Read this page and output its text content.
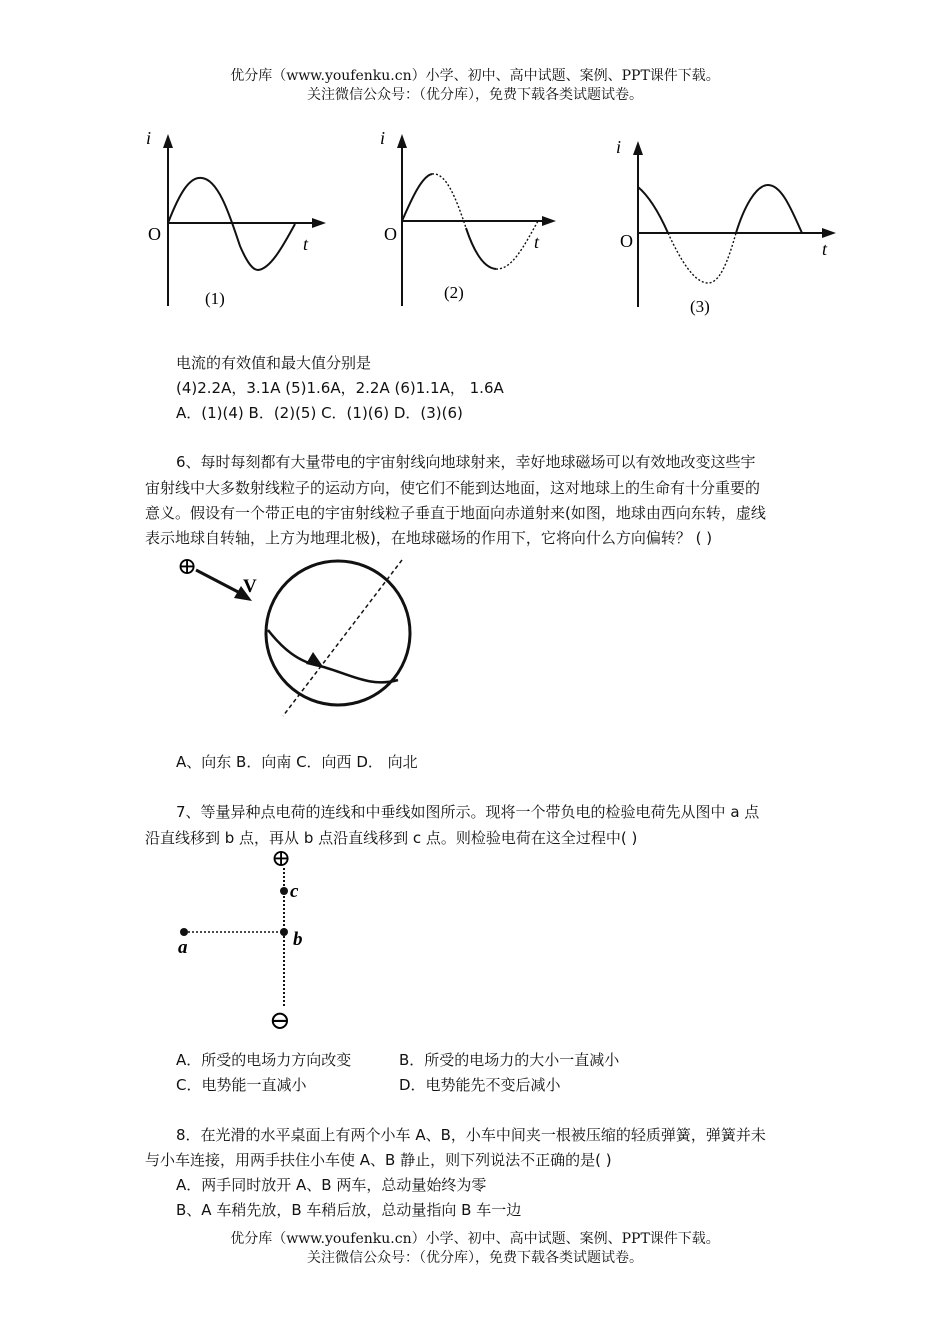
优分库（www.youfenku.cn）小学、初中、高中试题、案例、PPT课件下载。
关注微信公众号：（优分库），免费下载各类试题试卷。
i
O	t
(1)
i
O	t
(2)
i
O	t
(3)
电流的有效值和最大值分别是
(4)2.2A，3.1A (5)1.6A，2.2A (6)1.1A， 1.6A
A．(1)(4) B．(2)(5) C．(1)(6) D．(3)(6)
6、每时每刻都有大量带电的宇宙射线向地球射来，幸好地球磁场可以有效地改变这些宇
宙射线中大多数射线粒子的运动方向，使它们不能到达地面，这对地球上的生命有十分重要的
意义。假设有一个带正电的宇宙射线粒子垂直于地面向赤道射来(如图，地球由西向东转，虚线
表示地球自转轴，上方为地理北极)，在地球磁场的作用下，它将向什么方向偏转？ ( )
⊕
V
A、向东 B．向南 C．向西 D． 向北
7、等量异种点电荷的连线和中垂线如图所示。现将一个带负电的检验电荷先从图中 a 点
沿直线移到 b 点，再从 b 点沿直线移到 c 点。则检验电荷在这全过程中( )
⊕
c
b
a
⊖
A．所受的电场力方向改变	B．所受的电场力的大小一直减小
C．电势能一直减小	D．电势能先不变后减小
8．在光滑的水平桌面上有两个小车 A、B，小车中间夹一根被压缩的轻质弹簧，弹簧并未
与小车连接，用两手扶住小车使 A、B 静止，则下列说法不正确的是( )
A．两手同时放开 A、B 两车，总动量始终为零
B、A 车稍先放，B 车稍后放，总动量指向 B 车一边
优分库（www.youfenku.cn）小学、初中、高中试题、案例、PPT课件下载。
关注微信公众号：（优分库），免费下载各类试题试卷。
